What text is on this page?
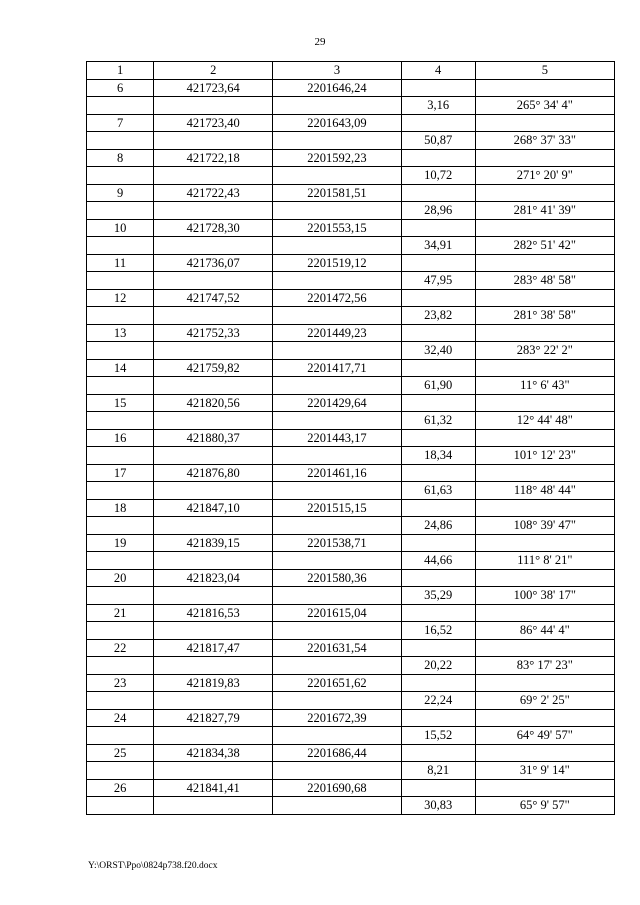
29
1	2	3	4	5
6	421723,64	2201646,24		
			3,16	265° 34' 4"
7	421723,40	2201643,09		
			50,87	268° 37' 33"
8	421722,18	2201592,23		
			10,72	271° 20' 9"
9	421722,43	2201581,51		
			28,96	281° 41' 39"
10	421728,30	2201553,15		
			34,91	282° 51' 42"
11	421736,07	2201519,12		
			47,95	283° 48' 58"
12	421747,52	2201472,56		
			23,82	281° 38' 58"
13	421752,33	2201449,23		
			32,40	283° 22' 2"
14	421759,82	2201417,71		
			61,90	11° 6' 43"
15	421820,56	2201429,64		
			61,32	12° 44' 48"
16	421880,37	2201443,17		
			18,34	101° 12' 23"
17	421876,80	2201461,16		
			61,63	118° 48' 44"
18	421847,10	2201515,15		
			24,86	108° 39' 47"
19	421839,15	2201538,71		
			44,66	111° 8' 21"
20	421823,04	2201580,36		
			35,29	100° 38' 17"
21	421816,53	2201615,04		
			16,52	86° 44' 4"
22	421817,47	2201631,54		
			20,22	83° 17' 23"
23	421819,83	2201651,62		
			22,24	69° 2' 25"
24	421827,79	2201672,39		
			15,52	64° 49' 57"
25	421834,38	2201686,44		
			8,21	31° 9' 14"
26	421841,41	2201690,68		
			30,83	65° 9' 57"
Y:\ORST\Ppo\0824p738.f20.docx
